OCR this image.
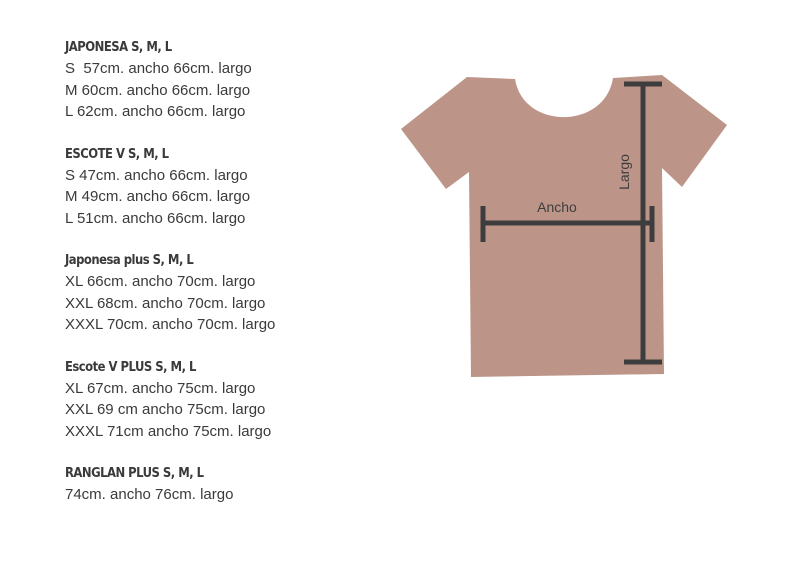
JAPONESA S, M, L
S  57cm. ancho 66cm. largo
M 60cm. ancho 66cm. largo
L 62cm. ancho 66cm. largo
ESCOTE V S, M, L
S 47cm. ancho 66cm. largo
M 49cm. ancho 66cm. largo
L 51cm. ancho 66cm. largo
Japonesa plus S, M, L
XL 66cm. ancho 70cm. largo
XXL 68cm. ancho 70cm. largo
XXXL 70cm. ancho 70cm. largo
Escote V PLUS S, M, L
XL 67cm. ancho 75cm. largo
XXL 69 cm ancho 75cm. largo
XXXL 71cm ancho 75cm. largo
RANGLAN PLUS S, M, L
74cm. ancho 76cm. largo
Ancho
Largo
